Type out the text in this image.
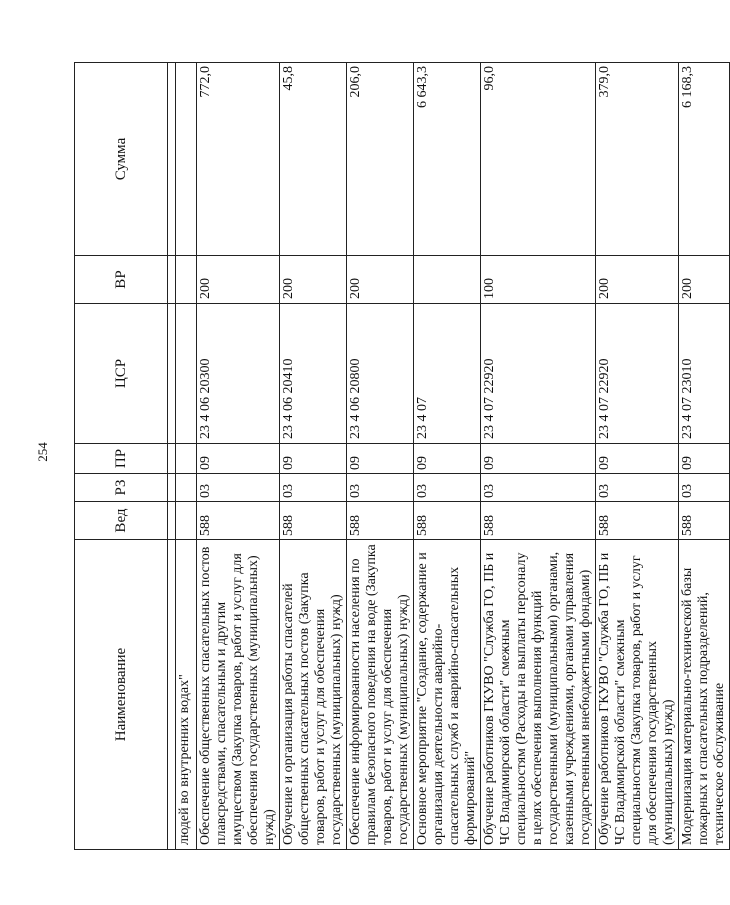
254
Наименование	Вед	РЗ	ПР	ЦСР	ВР	Сумма

людей во внутренних водах"						
Обеспечение общественных спасательных постов плавсредствами, спасательным и другим имуществом (Закупка товаров, работ и услуг для обеспечения государственных (муниципальных) нужд)	588	03	09	23 4 06 20300	200	772,0
Обучение и организация работы спасателей общественных спасательных постов (Закупка товаров, работ и услуг для обеспечения государственных (муниципальных) нужд)	588	03	09	23 4 06 20410	200	45,8
Обеспечение информированности населения по правилам безопасного поведения на воде (Закупка товаров, работ и услуг для обеспечения государственных (муниципальных) нужд)	588	03	09	23 4 06 20800	200	206,0
Основное мероприятие "Создание, содержание и организация деятельности аварийно-спасательных служб и аварийно-спасательных формирований"	588	03	09	23 4 07		6 643,3
Обучение работников ГКУВО "Служба ГО, ПБ и ЧС Владимирской области" смежным специальностям (Расходы на выплаты персоналу в целях обеспечения выполнения функций государственными (муниципальными) органами, казенными учреждениями, органами управления государственными внебюджетными фондами)	588	03	09	23 4 07 22920	100	96,0
Обучение работников ГКУВО "Служба ГО, ПБ и ЧС Владимирской области" смежным специальностям (Закупка товаров, работ и услуг для обеспечения государственных (муниципальных) нужд)	588	03	09	23 4 07 22920	200	379,0
Модернизация материально-технической базы пожарных и спасательных подразделений, техническое обслуживание	588	03	09	23 4 07 23010	200	6 168,3
